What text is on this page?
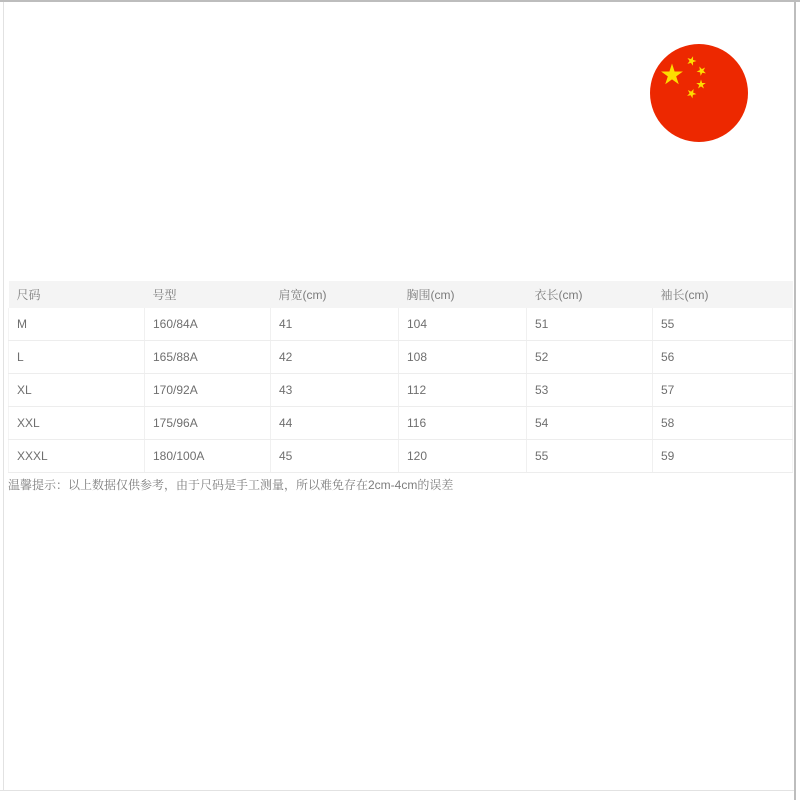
尺码	号型	肩宽(cm)	胸围(cm)	衣长(cm)	袖长(cm)
M	160/84A	41	104	51	55
L	165/88A	42	108	52	56
XL	170/92A	43	112	53	57
XXL	175/96A	44	116	54	58
XXXL	180/100A	45	120	55	59
温馨提示：以上数据仅供参考，由于尺码是手工测量，所以难免存在2cm-4cm的误差
